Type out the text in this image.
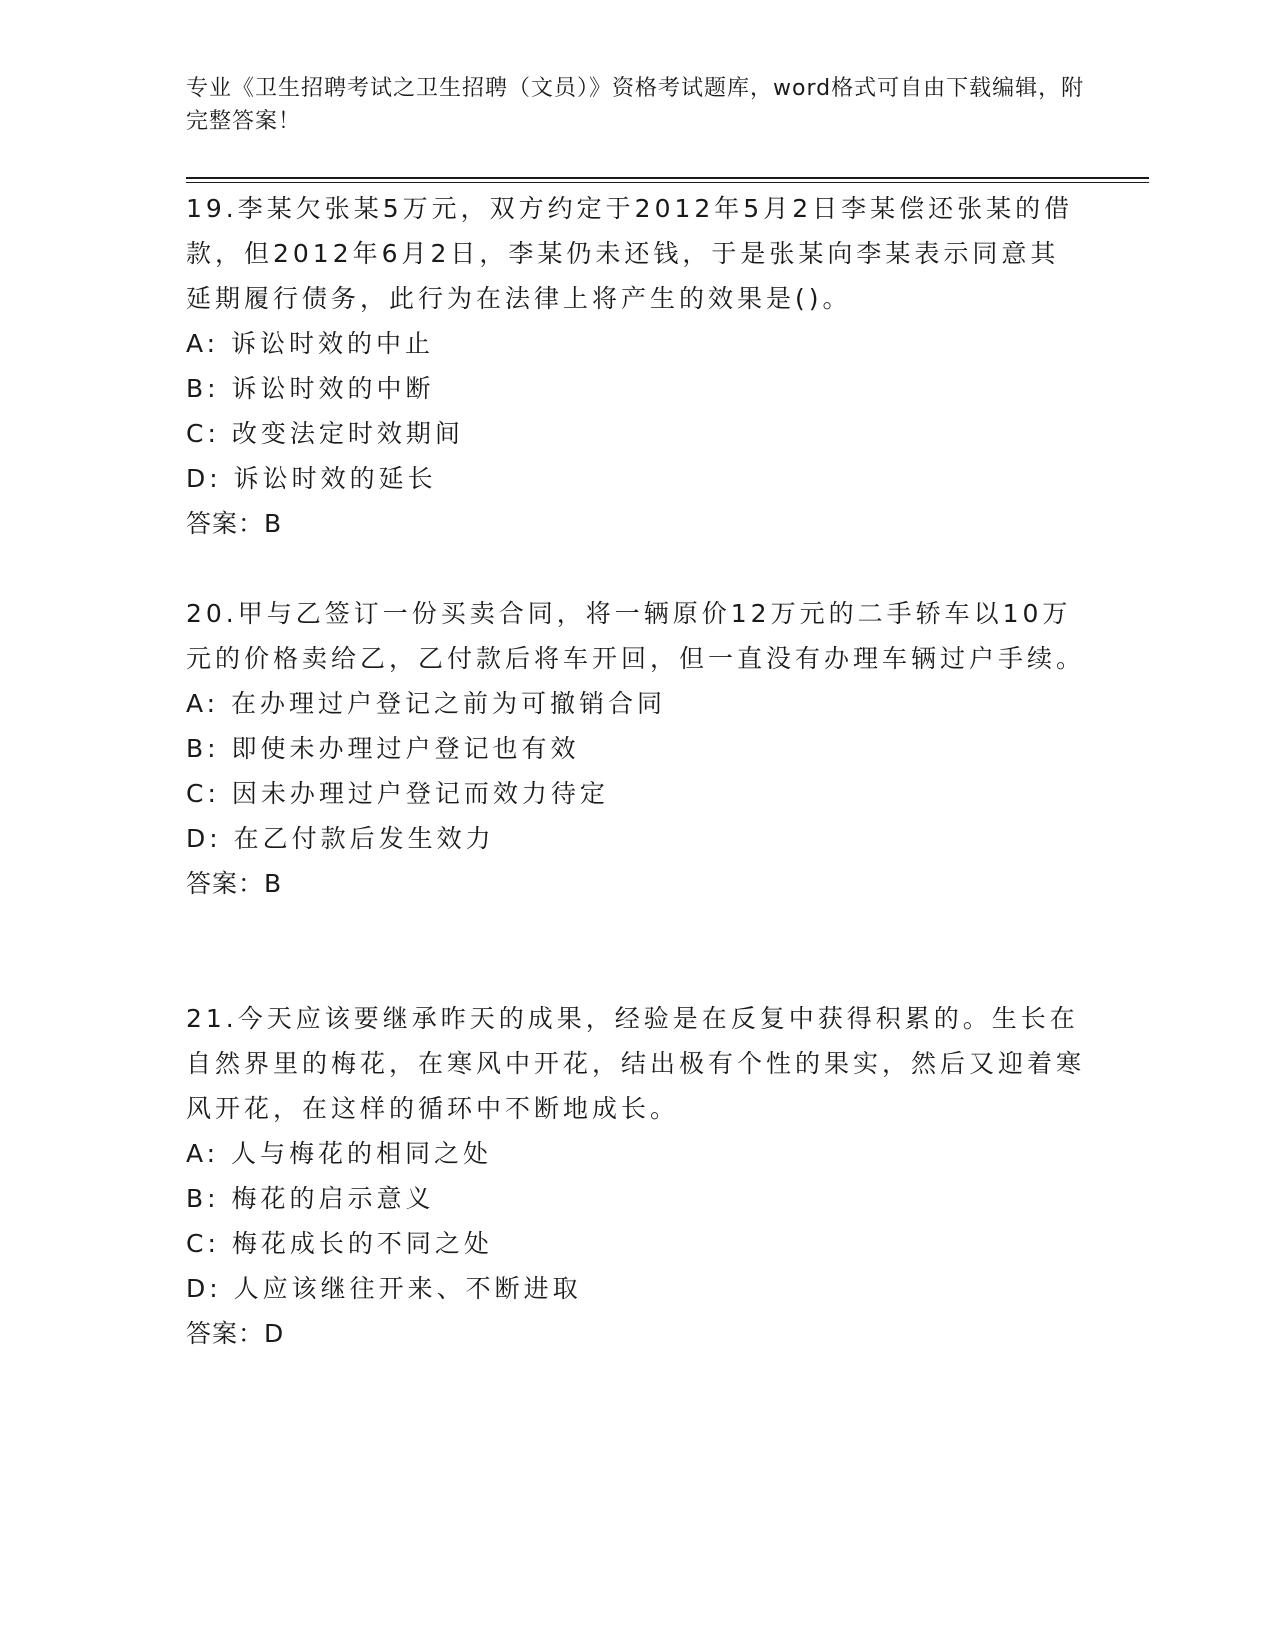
专业《卫生招聘考试之卫生招聘（文员）》资格考试题库，word格式可自由下载编辑，附完整答案！
19.李某欠张某5万元，双方约定于2012年5月2日李某偿还张某的借款，但2012年6月2日，李某仍未还钱，于是张某向李某表示同意其延期履行债务，此行为在法律上将产生的效果是()。
A: 诉讼时效的中止
B: 诉讼时效的中断
C: 改变法定时效期间
D: 诉讼时效的延长
答案：B
20.甲与乙签订一份买卖合同，将一辆原价12万元的二手轿车以10万元的价格卖给乙，乙付款后将车开回，但一直没有办理车辆过户手续。
A: 在办理过户登记之前为可撤销合同
B: 即使未办理过户登记也有效
C: 因未办理过户登记而效力待定
D: 在乙付款后发生效力
答案：B
21.今天应该要继承昨天的成果，经验是在反复中获得积累的。生长在自然界里的梅花，在寒风中开花，结出极有个性的果实，然后又迎着寒风开花，在这样的循环中不断地成长。
A: 人与梅花的相同之处
B: 梅花的启示意义
C: 梅花成长的不同之处
D: 人应该继往开来、不断进取
答案：D
